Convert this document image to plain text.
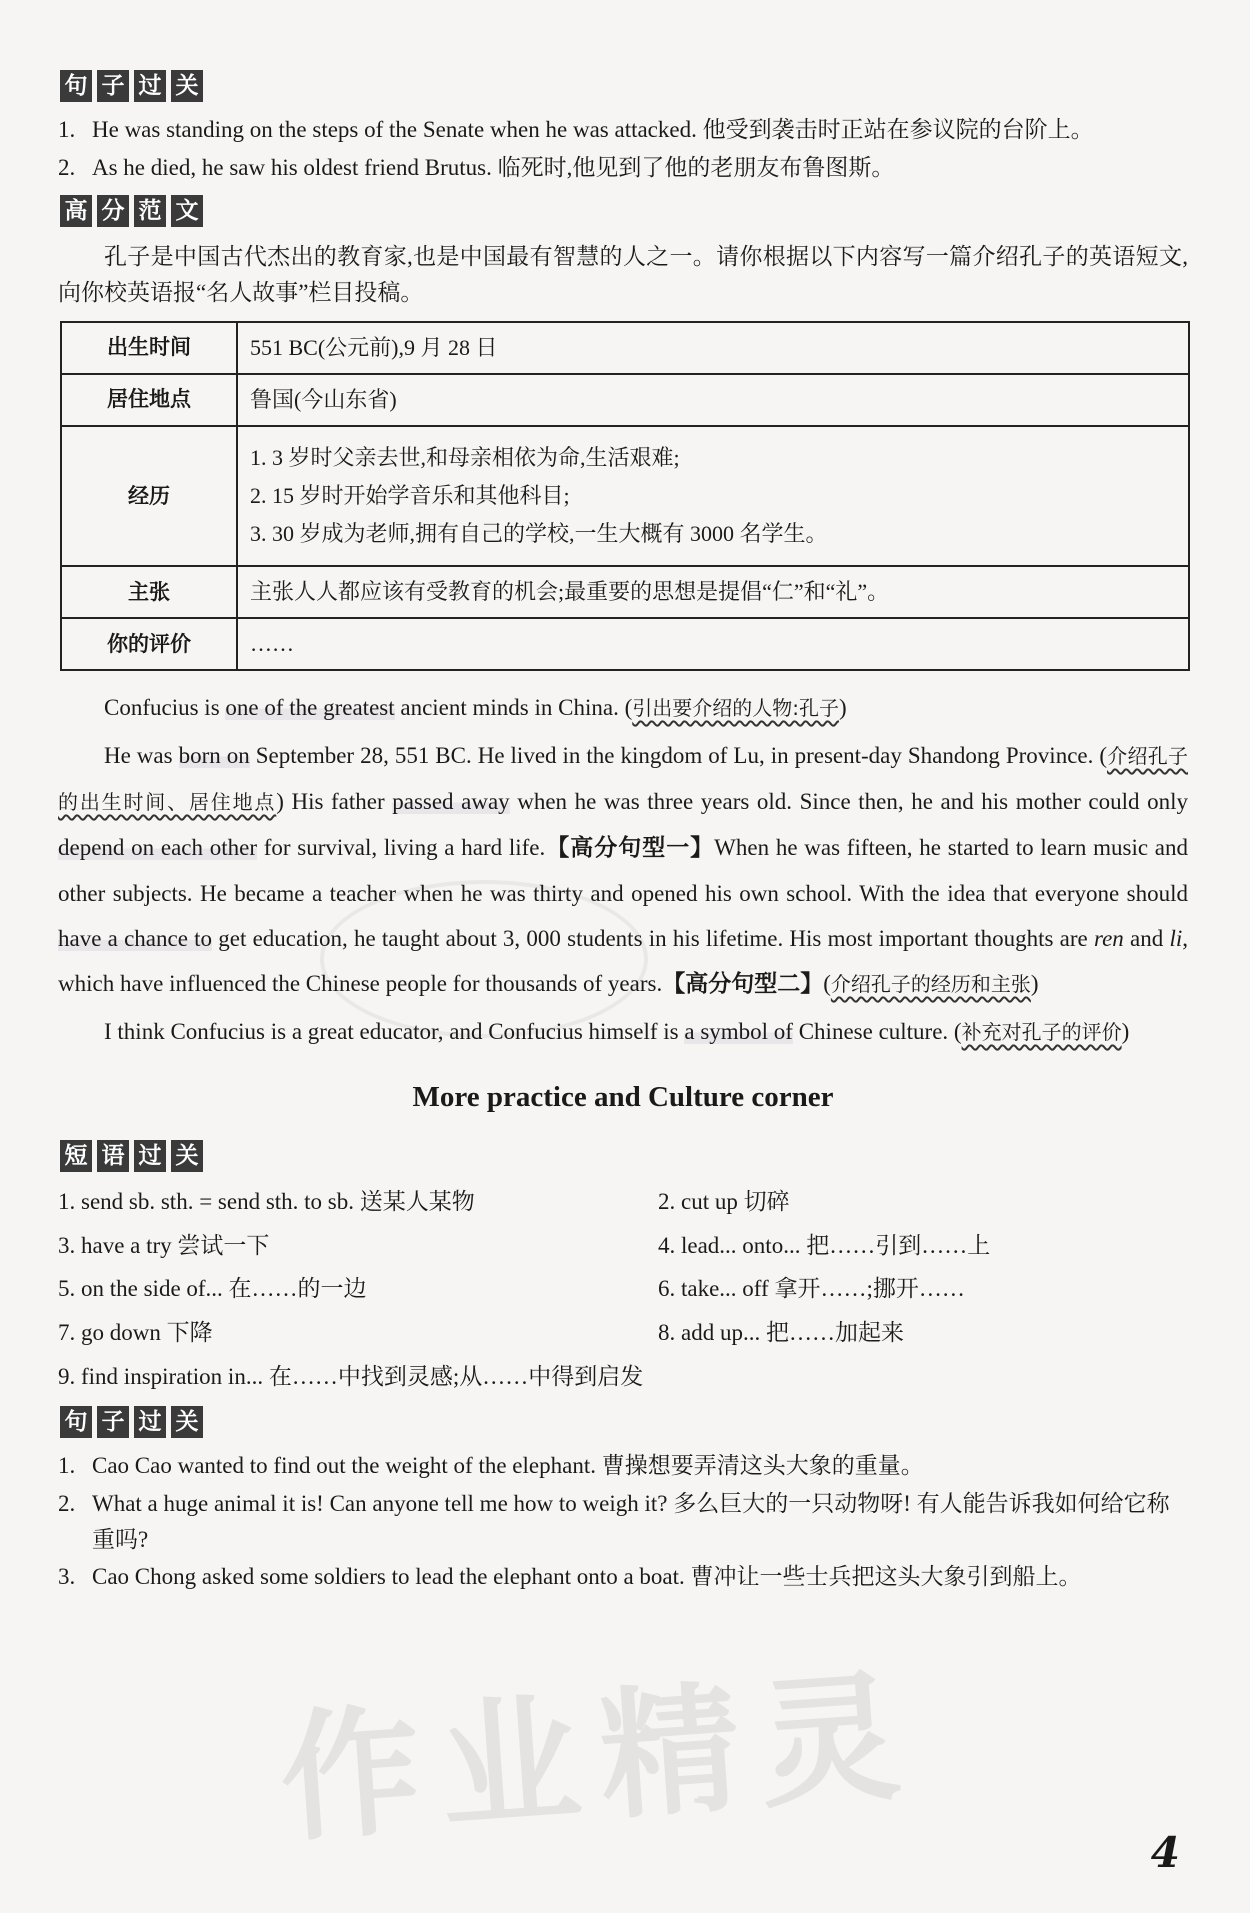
作业精灵
句 子 过 关
1. He was standing on the steps of the Senate when he was attacked. 他受到袭击时正站在参议院的台阶上。
2. As he died, he saw his oldest friend Brutus. 临死时,他见到了他的老朋友布鲁图斯。
高 分 范 文
孔子是中国古代杰出的教育家,也是中国最有智慧的人之一。请你根据以下内容写一篇介绍孔子的英语短文,向你校英语报“名人故事”栏目投稿。
出生时间	551 BC(公元前),9 月 28 日
居住地点	鲁国(今山东省)
经历	1. 3 岁时父亲去世,和母亲相依为命,生活艰难;
2. 15 岁时开始学音乐和其他科目;
3. 30 岁成为老师,拥有自己的学校,一生大概有 3000 名学生。

主张	主张人人都应该有受教育的机会;最重要的思想是提倡“仁”和“礼”。
你的评价	……

Confucius is one of the greatest ancient minds in China. (引出要介绍的人物:孔子)

He was born on September 28, 551 BC. He lived in the kingdom of Lu, in present-day Shandong Province. (介绍孔子的出生时间、居住地点) His father passed away when he was three years old. Since then, he and his mother could only depend on each other for survival, living a hard life.【高分句型一】When he was fifteen, he started to learn music and other subjects. He became a teacher when he was thirty and opened his own school. With the idea that everyone should have a chance to get education, he taught about 3, 000 students in his lifetime. His most important thoughts are ren and li, which have influenced the Chinese people for thousands of years.【高分句型二】(介绍孔子的经历和主张)

I think Confucius is a great educator, and Confucius himself is a symbol of Chinese culture. (补充对孔子的评价)

More practice and Culture corner
短 语 过 关
1. send sb. sth. = send sth. to sb. 送某人某物	2. cut up 切碎
3. have a try 尝试一下	4. lead... onto... 把……引到……上
5. on the side of... 在……的一边	6. take... off 拿开……;挪开……
7. go down 下降	8. add up... 把……加起来
9. find inspiration in... 在……中找到灵感;从……中得到启发
句 子 过 关
1. Cao Cao wanted to find out the weight of the elephant. 曹操想要弄清这头大象的重量。
2. What a huge animal it is! Can anyone tell me how to weigh it? 多么巨大的一只动物呀! 有人能告诉我如何给它称重吗?
3. Cao Chong asked some soldiers to lead the elephant onto a boat. 曹冲让一些士兵把这头大象引到船上。
4
